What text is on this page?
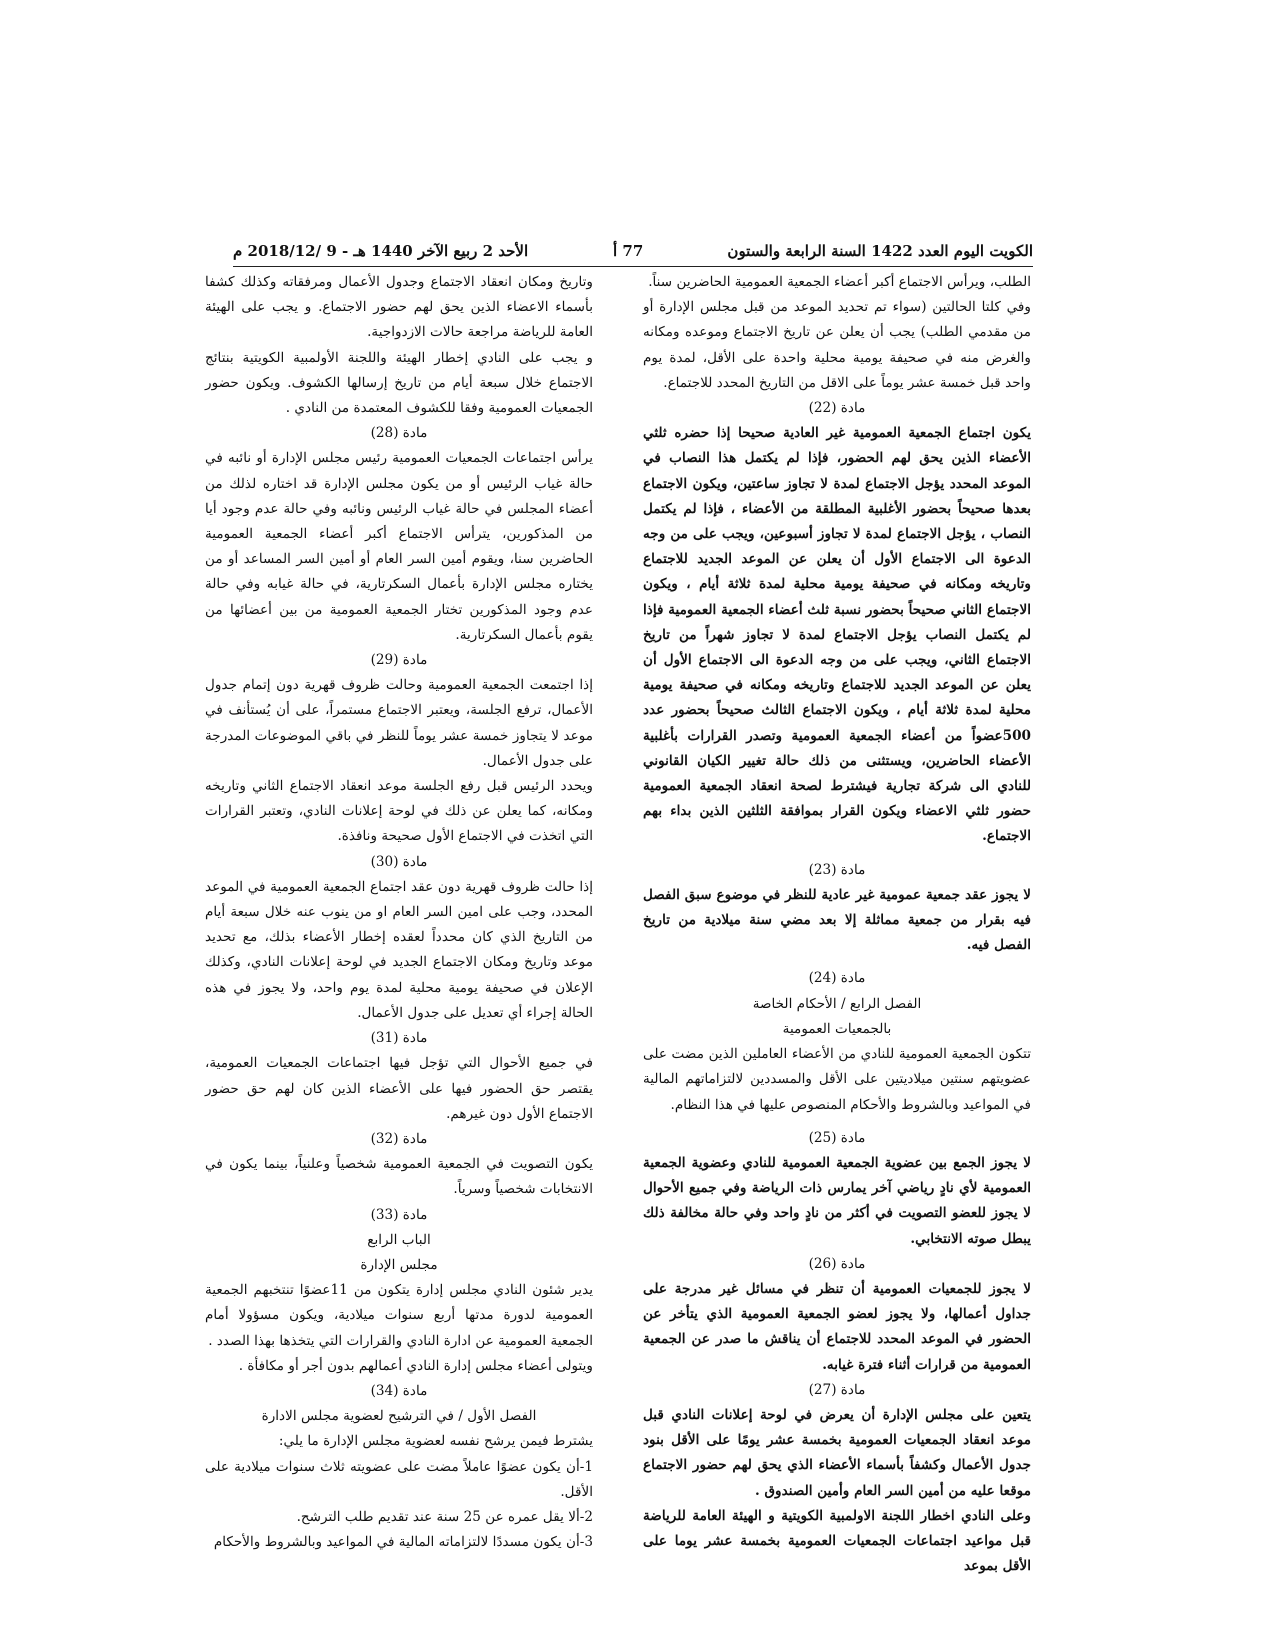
الكويت اليوم العدد 1422 السنة الرابعة والستون
77 أ
الأحد 2 ربيع الآخر 1440 هـ - 9 /2018/12 م

الطلب، ويرأس الاجتماع أكبر أعضاء الجمعية العمومية الحاضرين سناً.

وفي كلتا الحالتين (سواء تم تحديد الموعد من قبل مجلس الإدارة أو من مقدمي الطلب) يجب أن يعلن عن تاريخ الاجتماع وموعده ومكانه والغرض منه في صحيفة يومية محلية واحدة على الأقل، لمدة يوم واحد قبل خمسة عشر يوماً على الاقل من التاريخ المحدد للاجتماع.

مادة (22)

يكون اجتماع الجمعية العمومية غير العادية صحيحا إذا حضره ثلثي الأعضاء الذين يحق لهم الحضور، فإذا لم يكتمل هذا النصاب في الموعد المحدد يؤجل الاجتماع لمدة لا تجاوز ساعتين، ويكون الاجتماع بعدها صحيحاً بحضور الأغلبية المطلقة من الأعضاء ، فإذا لم يكتمل النصاب ، يؤجل الاجتماع لمدة لا تجاوز أسبوعين، ويجب على من وجه الدعوة الى الاجتماع الأول أن يعلن عن الموعد الجديد للاجتماع وتاريخه ومكانه في صحيفة يومية محلية لمدة ثلاثة أيام ، ويكون الاجتماع الثاني صحيحاً بحضور نسبة ثلث أعضاء الجمعية العمومية فإذا لم يكتمل النصاب يؤجل الاجتماع لمدة لا تجاوز شهراً من تاريخ الاجتماع الثاني، ويجب على من وجه الدعوة الى الاجتماع الأول أن يعلن عن الموعد الجديد للاجتماع وتاريخه ومكانه في صحيفة يومية محلية لمدة ثلاثة أيام ، ويكون الاجتماع الثالث صحيحاً بحضور عدد 500عضواً من أعضاء الجمعية العمومية وتصدر القرارات بأغلبية الأعضاء الحاضرين، ويستثنى من ذلك حالة تغيير الكيان القانوني للنادي الى شركة تجارية فيشترط لصحة انعقاد الجمعية العمومية حضور ثلثي الاعضاء ويكون القرار بموافقة الثلثين الذين بداء بهم الاجتماع.

مادة (23)

لا يجوز عقد جمعية عمومية غير عادية للنظر في موضوع سبق الفصل فيه بقرار من جمعية مماثلة إلا بعد مضي سنة ميلادية من تاريخ الفصل فيه.

مادة (24)

الفصل الرابع / الأحكام الخاصة

بالجمعيات العمومية

تتكون الجمعية العمومية للنادي من الأعضاء العاملين الذين مضت على عضويتهم سنتين ميلاديتين على الأقل والمسددين لالتزاماتهم المالية في المواعيد وبالشروط والأحكام المنصوص عليها في هذا النظام.

مادة (25)

لا يجوز الجمع بين عضوية الجمعية العمومية للنادي وعضوية الجمعية العمومية لأي نادٍ رياضي آخر يمارس ذات الرياضة وفي جميع الأحوال لا يجوز للعضو التصويت في أكثر من نادٍ واحد وفي حالة مخالفة ذلك يبطل صوته الانتخابي.

مادة (26)

لا يجوز للجمعيات العمومية أن تنظر في مسائل غير مدرجة على جداول أعمالها، ولا يجوز لعضو الجمعية العمومية الذي يتأخر عن الحضور في الموعد المحدد للاجتماع أن يناقش ما صدر عن الجمعية العمومية من قرارات أثناء فترة غيابه.

مادة (27)

يتعين على مجلس الإدارة أن يعرض في لوحة إعلانات النادي قبل موعد انعقاد الجمعيات العمومية بخمسة عشر يومًا على الأقل بنود جدول الأعمال وكشفاً بأسماء الأعضاء الذي يحق لهم حضور الاجتماع موقعا عليه من أمين السر العام وأمين الصندوق .

وعلى النادي اخطار اللجنة الاولمبية الكويتية و الهيئة العامة للرياضة قبل مواعيد اجتماعات الجمعيات العمومية بخمسة عشر يوما على الأقل بموعد

وتاريخ ومكان انعقاد الاجتماع وجدول الأعمال ومرفقاته وكذلك كشفا بأسماء الاعضاء الذين يحق لهم حضور الاجتماع. و يجب على الهيئة العامة للرياضة مراجعة حالات الازدواجية.

و يجب على النادي إخطار الهيئة واللجنة الأولمبية الكويتية بنتائج الاجتماع خلال سبعة أيام من تاريخ إرسالها الكشوف. ويكون حضور الجمعيات العمومية وفقا للكشوف المعتمدة من النادي .

مادة (28)

يرأس اجتماعات الجمعيات العمومية رئيس مجلس الإدارة أو نائبه في حالة غياب الرئيس أو من يكون مجلس الإدارة قد اختاره لذلك من أعضاء المجلس في حالة غياب الرئيس ونائبه وفي حالة عدم وجود أيا من المذكورين، يترأس الاجتماع أكبر أعضاء الجمعية العمومية الحاضرين سنا، ويقوم أمين السر العام أو أمين السر المساعد أو من يختاره مجلس الإدارة بأعمال السكرتارية، في حالة غيابه وفي حالة عدم وجود المذكورين تختار الجمعية العمومية من بين أعضائها من يقوم بأعمال السكرتارية.

مادة (29)

إذا اجتمعت الجمعية العمومية وحالت ظروف قهرية دون إتمام جدول الأعمال، ترفع الجلسة، ويعتبر الاجتماع مستمراً، على أن يُستأنف في موعد لا يتجاوز خمسة عشر يوماً للنظر في باقي الموضوعات المدرجة على جدول الأعمال.

ويحدد الرئيس قبل رفع الجلسة موعد انعقاد الاجتماع الثاني وتاريخه ومكانه، كما يعلن عن ذلك في لوحة إعلانات النادي، وتعتبر القرارات التي اتخذت في الاجتماع الأول صحيحة ونافذة.

مادة (30)

إذا حالت ظروف قهرية دون عقد اجتماع الجمعية العمومية في الموعد المحدد، وجب على امين السر العام او من ينوب عنه خلال سبعة أيام من التاريخ الذي كان محدداً لعقده إخطار الأعضاء بذلك، مع تحديد موعد وتاريخ ومكان الاجتماع الجديد في لوحة إعلانات النادي، وكذلك الإعلان في صحيفة يومية محلية لمدة يوم واحد، ولا يجوز في هذه الحالة إجراء أي تعديل على جدول الأعمال.

مادة (31)

في جميع الأحوال التي تؤجل فيها اجتماعات الجمعيات العمومية، يقتصر حق الحضور فيها على الأعضاء الذين كان لهم حق حضور الاجتماع الأول دون غيرهم.

مادة (32)

يكون التصويت في الجمعية العمومية شخصياً وعلنياً، بينما يكون في الانتخابات شخصياً وسرياً.

مادة (33)

الباب الرابع

مجلس الإدارة

يدير شئون النادي مجلس إدارة يتكون من 11عضوًا تنتخبهم الجمعية العمومية لدورة مدتها أربع سنوات ميلادية، ويكون مسؤولا أمام الجمعية العمومية عن ادارة النادي والقرارات التي يتخذها بهذا الصدد .

ويتولى أعضاء مجلس إدارة النادي أعمالهم بدون أجر أو مكافأة .

مادة (34)

الفصل الأول / في الترشيح لعضوية مجلس الادارة

يشترط فيمن يرشح نفسه لعضوية مجلس الإدارة ما يلي:

1-أن يكون عضوًا عاملاً مضت على عضويته ثلاث سنوات ميلادية على الأقل.

2-ألا يقل عمره عن 25 سنة عند تقديم طلب الترشح.

3-أن يكون مسددًا لالتزاماته المالية في المواعيد وبالشروط والأحكام
